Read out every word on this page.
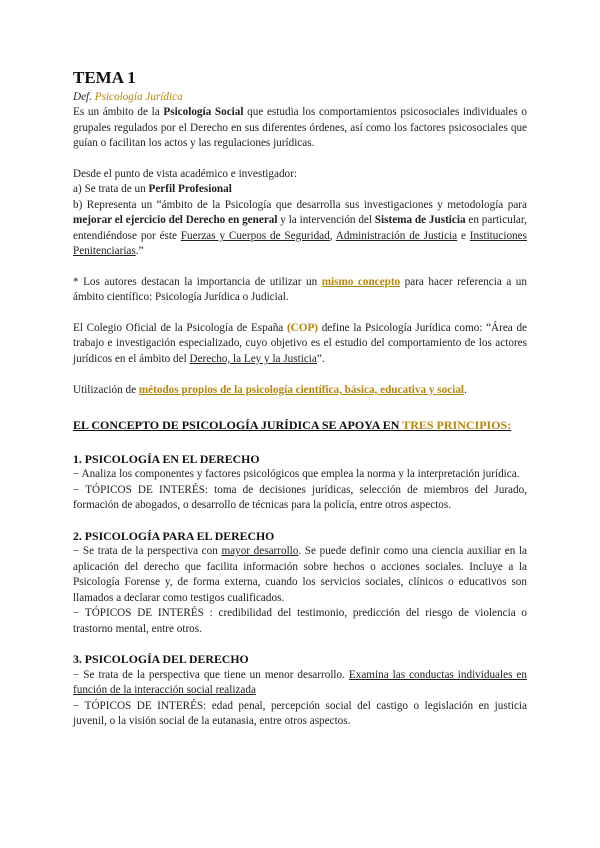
TEMA 1

Def. Psicología Jurídica

Es un ámbito de la Psicología Social que estudia los comportamientos psicosociales individuales o grupales regulados por el Derecho en sus diferentes órdenes, así como los factores psicosociales que guían o facilitan los actos y las regulaciones jurídicas.

Desde el punto de vista académico e investigador:

a) Se trata de un Perfil Profesional

b) Representa un “ámbito de la Psicología que desarrolla sus investigaciones y metodología para mejorar el ejercicio del Derecho en general y la intervención del Sistema de Justicia en particular, entendiéndose por éste Fuerzas y Cuerpos de Seguridad, Administración de Justicia e Instituciones Penitenciarias.”

* Los autores destacan la importancia de utilizar un mismo concepto para hacer referencia a un ámbito científico: Psicología Jurídica o Judicial.

El Colegio Oficial de la Psicología de España (COP) define la Psicología Jurídica como: “Área de trabajo e investigación especializado, cuyo objetivo es el estudio del comportamiento de los actores jurídicos en el ámbito del Derecho, la Ley y la Justicia”.

Utilización de métodos propios de la psicología científica, básica, educativa y social.

EL CONCEPTO DE PSICOLOGÍA JURÍDICA SE APOYA EN TRES PRINCIPIOS:
1. PSICOLOGÍA EN EL DERECHO

− Analiza los componentes y factores psicológicos que emplea la norma y la interpretación jurídica.

− TÓPICOS DE INTERÉS: toma de decisiones jurídicas, selección de miembros del Jurado, formación de abogados, o desarrollo de técnicas para la policía, entre otros aspectos.

2. PSICOLOGÍA PARA EL DERECHO

− Se trata de la perspectiva con mayor desarrollo. Se puede definir como una ciencia auxiliar en la aplicación del derecho que facilita información sobre hechos o acciones sociales. Incluye a la Psicología Forense y, de forma externa, cuando los servicios sociales, clínicos o educativos son llamados a declarar como testigos cualificados.

− TÓPICOS DE INTERÉS : credibilidad del testimonio, predicción del riesgo de violencia o trastorno mental, entre otros.

3. PSICOLOGÍA DEL DERECHO

− Se trata de la perspectiva que tiene un menor desarrollo. Examina las conductas individuales en función de la interacción social realizada

− TÓPICOS DE INTERÉS: edad penal, percepción social del castigo o legislación en justicia juvenil, o la visión social de la eutanasia, entre otros aspectos.
